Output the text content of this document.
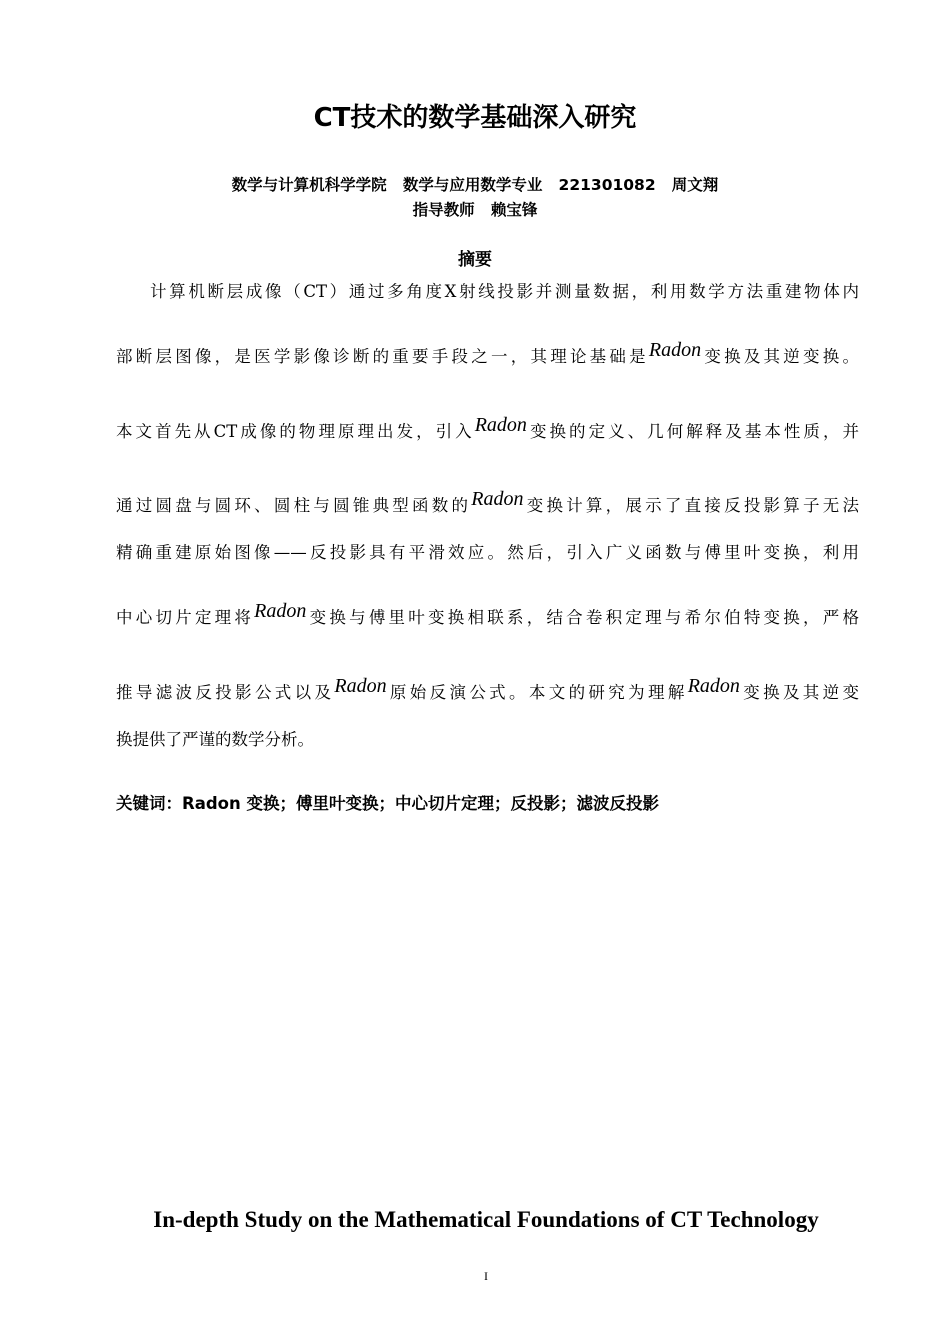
CT技术的数学基础深入研究
数学与计算机科学学院   数学与应用数学专业   221301082   周文翔
指导教师   赖宝锋
摘要
计算机断层成像（CT）通过多角度X射线投影并测量数据，利用数学方法重建物体内
部断层图像，是医学影像诊断的重要手段之一，其理论基础是Radon变换及其逆变换。
本文首先从CT成像的物理原理出发，引入Radon变换的定义、几何解释及基本性质，并
通过圆盘与圆环、圆柱与圆锥典型函数的Radon变换计算，展示了直接反投影算子无法
精确重建原始图像——反投影具有平滑效应。然后，引入广义函数与傅里叶变换，利用
中心切片定理将Radon变换与傅里叶变换相联系，结合卷积定理与希尔伯特变换，严格
推导滤波反投影公式以及Radon原始反演公式。本文的研究为理解Radon变换及其逆变
换提供了严谨的数学分析。
关键词：Radon 变换；傅里叶变换；中心切片定理；反投影；滤波反投影
In-depth Study on the Mathematical Foundations of CT Technology
I
